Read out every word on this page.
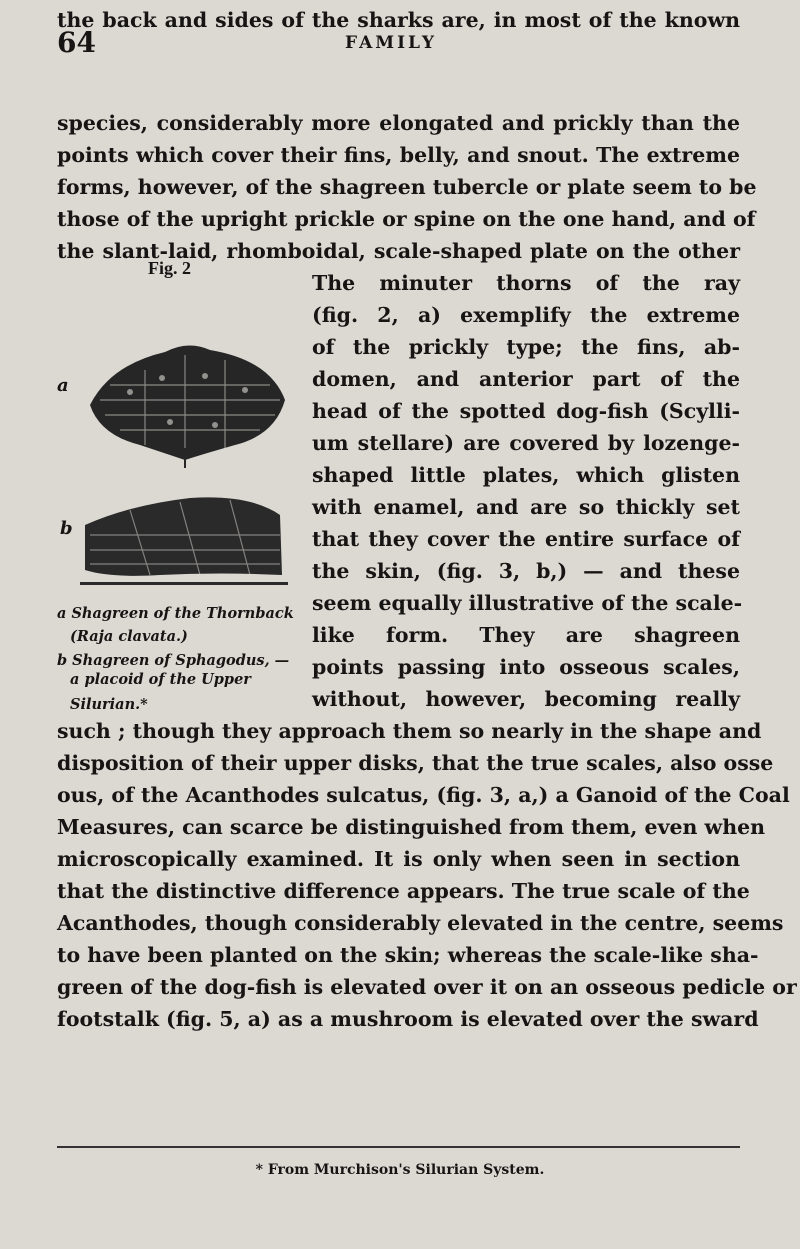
64	FAMILY
the back and sides of the sharks are, in most of the known
species, considerably more elongated and prickly than the
points which cover their fins, belly, and snout. The extreme
forms, however, of the shagreen tubercle or plate seem to be
those of the upright prickle or spine on the one hand, and of
the slant-laid, rhomboidal, scale-shaped plate on the other
Fig. 2
a
b
a Shagreen of the Thornback
(Raja clavata.)
b Shagreen of Sphagodus, —
a placoid of the Upper
Silurian.*
The minuter thorns of the ray
(fig. 2, a) exemplify the extreme
of the prickly type; the fins, ab-
domen, and anterior part of the
head of the spotted dog-fish (Scylli-
um stellare) are covered by lozenge-
shaped little plates, which glisten
with enamel, and are so thickly set
that they cover the entire surface of
the skin, (fig. 3, b,) — and these
seem equally illustrative of the scale-
like form. They are shagreen
points passing into osseous scales,
without, however, becoming really
such ; though they approach them so nearly in the shape and
disposition of their upper disks, that the true scales, also osse
ous, of the Acanthodes sulcatus, (fig. 3, a,) a Ganoid of the Coal
Measures, can scarce be distinguished from them, even when
microscopically examined. It is only when seen in section
that the distinctive difference appears. The true scale of the
Acanthodes, though considerably elevated in the centre, seems
to have been planted on the skin; whereas the scale-like sha-
green of the dog-fish is elevated over it on an osseous pedicle or
footstalk (fig. 5, a) as a mushroom is elevated over the sward
* From Murchison's Silurian System.
